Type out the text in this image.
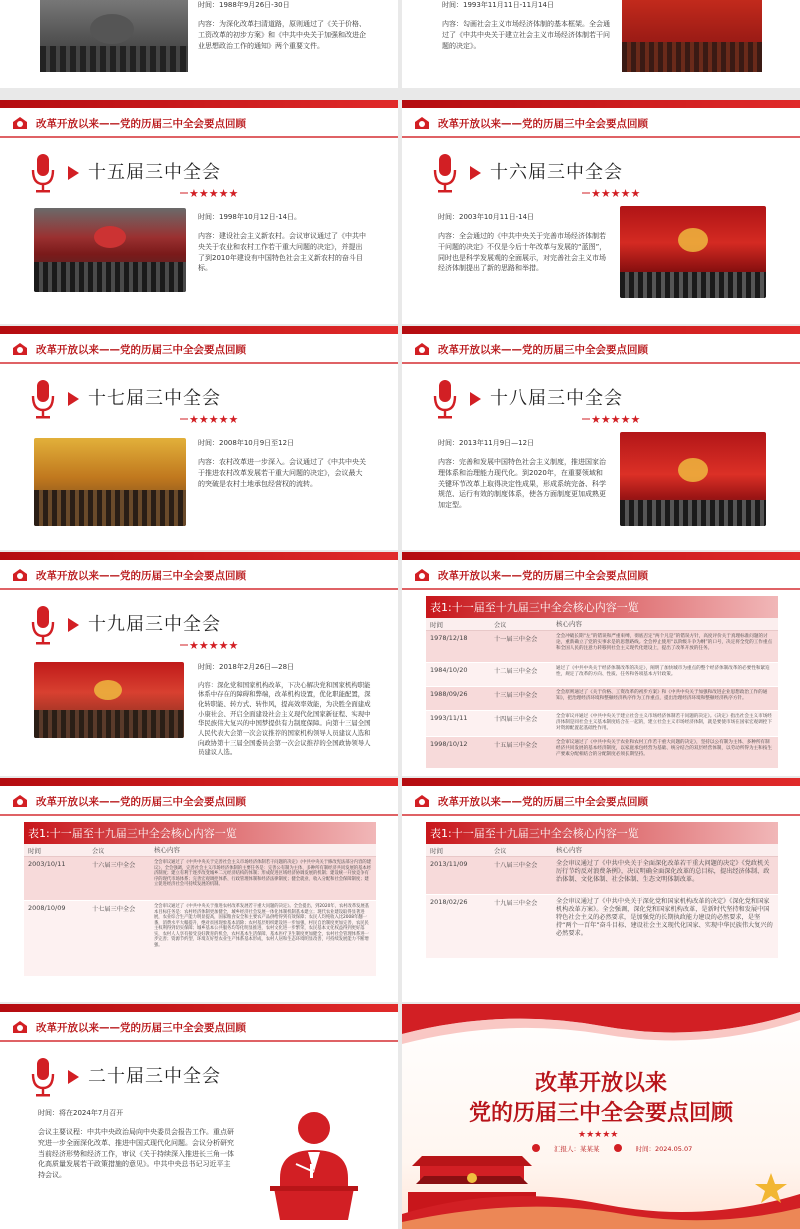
时间：1988年9月26日-30日

内容：为深化改革扫清道路，原则通过了《关于价格、工资改革的初步方案》和《中共中央关于加强和改进企业思想政治工作的通知》两个重要文件。

时间：1993年11月11日-11月14日

内容：勾画社会主义市场经济体制的基本框架。全会通过了《中共中央关于建立社会主义市场经济体制若干问题的决定》。

改革开放以来——党的历届三中全会要点回顾
十五届三中全会
★★★★★

时间：1998年10月12日-14日。

内容：建设社会主义新农村。会议审议通过了《中共中央关于农业和农村工作若干重大问题的决定》，并提出了到2010年建设有中国特色社会主义新农村的奋斗目标。

改革开放以来——党的历届三中全会要点回顾
十六届三中全会
★★★★★

时间：2003年10月11日-14日

内容：全会通过的《中共中央关于完善市场经济体制若干问题的决定》不仅是今后十年改革与发展的“蓝图”，同时也是科学发展观的全面展示，对完善社会主义市场经济体制提出了新的思路和举措。

改革开放以来——党的历届三中全会要点回顾
十七届三中全会
★★★★★

时间：2008年10月9日至12日

内容：农村改革进一步深入。会议通过了《中共中央关于推进农村改革发展若干重大问题的决定》，会议最大的突破是农村土地承包经营权的流转。

改革开放以来——党的历届三中全会要点回顾
十八届三中全会
★★★★★

时间：2013年11月9日—12日

内容：完善和发展中国特色社会主义制度，推进国家治理体系和治理能力现代化。到2020年，在重要领域和关键环节改革上取得决定性成果，形成系统完备、科学规范、运行有效的制度体系，使各方面制度更加成熟更加定型。

改革开放以来——党的历届三中全会要点回顾
十九届三中全会
★★★★★

时间：2018年2月26日—28日

内容：深化党和国家机构改革，下决心解决党和国家机构职能体系中存在的障碍和弊端，改革机构设置，优化职能配置，深化转职能、转方式、转作风，提高效率效能，为决胜全面建成小康社会、开启全面建设社会主义现代化国家新征程、实现中华民族伟大复兴的中国梦提供有力制度保障。向第十三届全国人民代表大会第一次会议推荐的国家机构领导人员建议人选和向政协第十三届全国委员会第一次会议推荐的全国政协领导人员建议人选。

改革开放以来——党的历届三中全会要点回顾
表1:十一届至十九届三中全会核心内容一览
时间	会议	核心内容
1978/12/18	十一届三中全会	全会冲破长期“左”的错误和严重束缚，彻底否定“两个凡是”的错误方针，高度评价关于真理标准问题的讨论，重新确立了党的实事求是的思想路线。全会停止使用“以阶级斗争为纲”的口号，决定将全党的工作重点和全国人民的注意力转移到社会主义现代化建设上，提出了改革开放的任务。
1984/10/20	十二届三中全会	通过了《中共中央关于经济体制改革的决定》，阐明了加快城市为重点的整个经济体制改革的必要性和紧迫性，规定了改革的方向、性质、任务和各项基本方针政策。
1988/09/26	十三届三中全会	全会原则通过了《关于价格、工资改革的初步方案》和《中共中央关于加强和改进企业思想政治工作的通知》，把治理经济环境和整顿经济秩序作为工作重点，提出治理经济环境和整顿经济秩序方针。
1993/11/11	十四届三中全会	全会审议并通过《中共中央关于建立社会主义市场经济体制若干问题的决定》。《决定》指出社会主义市场经济体制是同社会主义基本制度结合在一起的，建立社会主义市场经济体制，就是要使市场在国家宏观调控下对资源配置起基础性作用。
1998/10/12	十五届三中全会	全会审议通过了《中共中央关于农业和农村工作若干重大问题的决定》，坚持以公有制为主体、多种所有制经济共同发展的基本经济制度，以家庭承包经营为基础、统分结合的双层经营体制，以劳动所得为主和按生产要素分配相结合的分配制度必须长期坚持。
改革开放以来——党的历届三中全会要点回顾
表1:十一届至十九届三中全会核心内容一览
时间	会议	核心内容
2003/10/11	十六届三中全会	全会审议通过了《中共中央关于完善社会主义市场经济体制若干问题的决定》《中共中央关于修改宪法部分内容的建议》，全会强调，完善社会主义市场经济体制的主要任务是：完善公有制为主体、多种所有制经济共同发展的基本经济制度；建立有利于逐步改变城乡二元经济结构的体制；形成促进区域经济协调发展的机制；建设统一开放竞争有序的现代市场体系；完善宏观调控体系、行政管理体制和经济法律制度；健全就业、收入分配和社会保障制度；建立促进经济社会可持续发展的机制。
2008/10/09	十七届三中全会	全会审议通过了《中共中央关于推进农村改革发展若干重大问题的决定》。全会提出，到2020年，农村改革发展基本目标任务是：农村经济体制更加健全，城乡经济社会发展一体化体制机制基本建立；现代农业建设取得显著进展，农业综合生产能力明显提高，国家粮食安全和主要农产品供给得到有效保障；农民人均纯收入比2008年翻一番，消费水平大幅提升，绝对贫困现象基本消除；农村基层组织建设进一步加强，村民自治制度更加完善，农民民主权利得到切实保障；城乡基本公共服务均等化明显推进，农村文化进一步繁荣，农民基本文化权益得到更好落实，农村人人享有接受良好教育的机会，农村基本生活保障、基本医疗卫生制度更加健全，农村社会管理体系进一步完善；资源节约型、环境友好型农业生产体系基本形成，农村人居和生态环境明显改善，可持续发展能力不断增强。
改革开放以来——党的历届三中全会要点回顾
表1:十一届至十九届三中全会核心内容一览
时间	会议	核心内容
2013/11/09	十八届三中全会	全会审议通过了《中共中央关于全面深化改革若干重大问题的决定》《党政机关厉行节约反对浪费条例》，决议明确全面深化改革的总目标，提出经济体制、政治体制、文化体制、社会体制、生态文明体制改革。
2018/02/26	十九届三中全会	全会审议通过了《中共中央关于深化党和国家机构改革的决定》《深化党和国家机构改革方案》。全会强调，深化党和国家机构改革，是新时代坚持和发展中国特色社会主义的必然要求，是加强党的长期执政能力建设的必然要求，是坚持“两个一百年”奋斗目标、建设社会主义现代化国家、实现中华民族伟大复兴的必然要求。
改革开放以来——党的历届三中全会要点回顾
二十届三中全会

时间：将在2024年7月召开

会议主要议程：中共中央政治局向中央委员会报告工作。重点研究进一步全面深化改革、推进中国式现代化问题。会议分析研究当前经济形势和经济工作，审议《关于持续深入推进长三角一体化高质量发展若干政策措施的意见》。中共中央总书记习近平主持会议。

改革开放以来
党的历届三中全会要点回顾
★★★★★
汇报人：某某某	时间：2024.05.07
